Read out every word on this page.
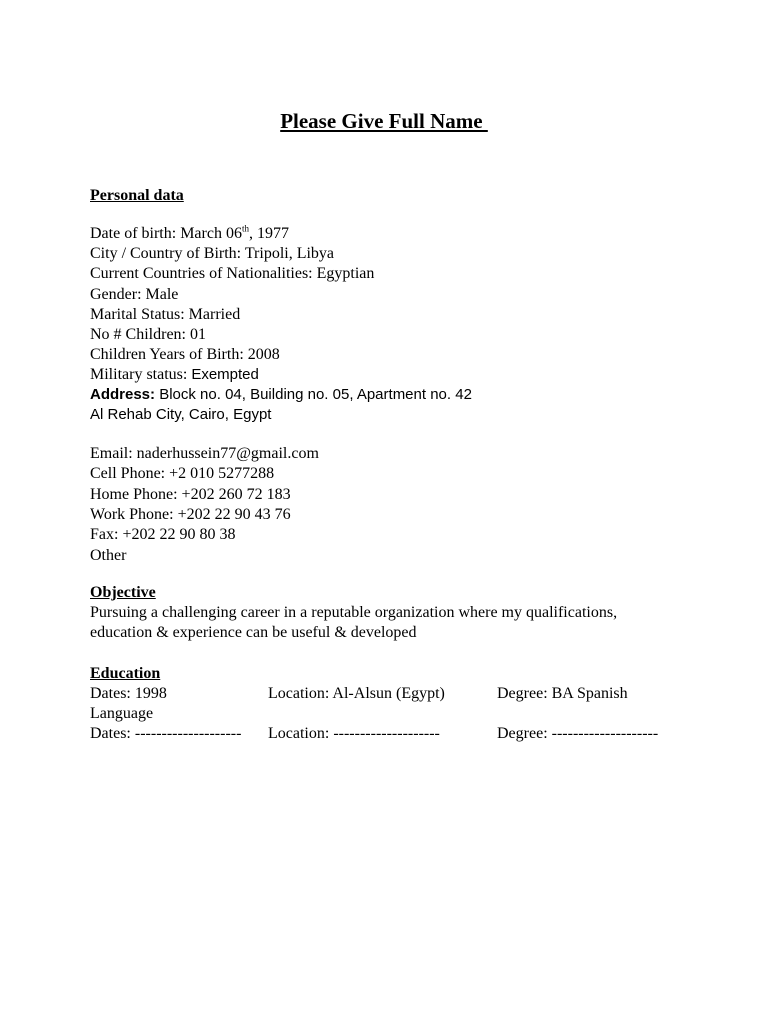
Please Give Full Name
Personal data
Date of birth: March 06th, 1977
City / Country of Birth: Tripoli, Libya
Current Countries of Nationalities: Egyptian
Gender: Male
Marital Status: Married
No # Children: 01
Children Years of Birth: 2008
Military status: Exempted
Address: Block no. 04, Building no. 05, Apartment no. 42
Al Rehab City, Cairo, Egypt
Email: naderhussein77@gmail.com
Cell Phone: +2 010 5277288
Home Phone: +202 260 72 183
Work Phone: +202 22 90 43 76
Fax: +202 22 90 80 38
Other
Objective
Pursuing a challenging career in a reputable organization where my qualifications,
education & experience can be useful & developed
Education
Dates: 1998	Location: Al-Alsun (Egypt)	Degree: BA Spanish
Language
Dates: -------------------- Location: --------------------	Degree: --------------------
